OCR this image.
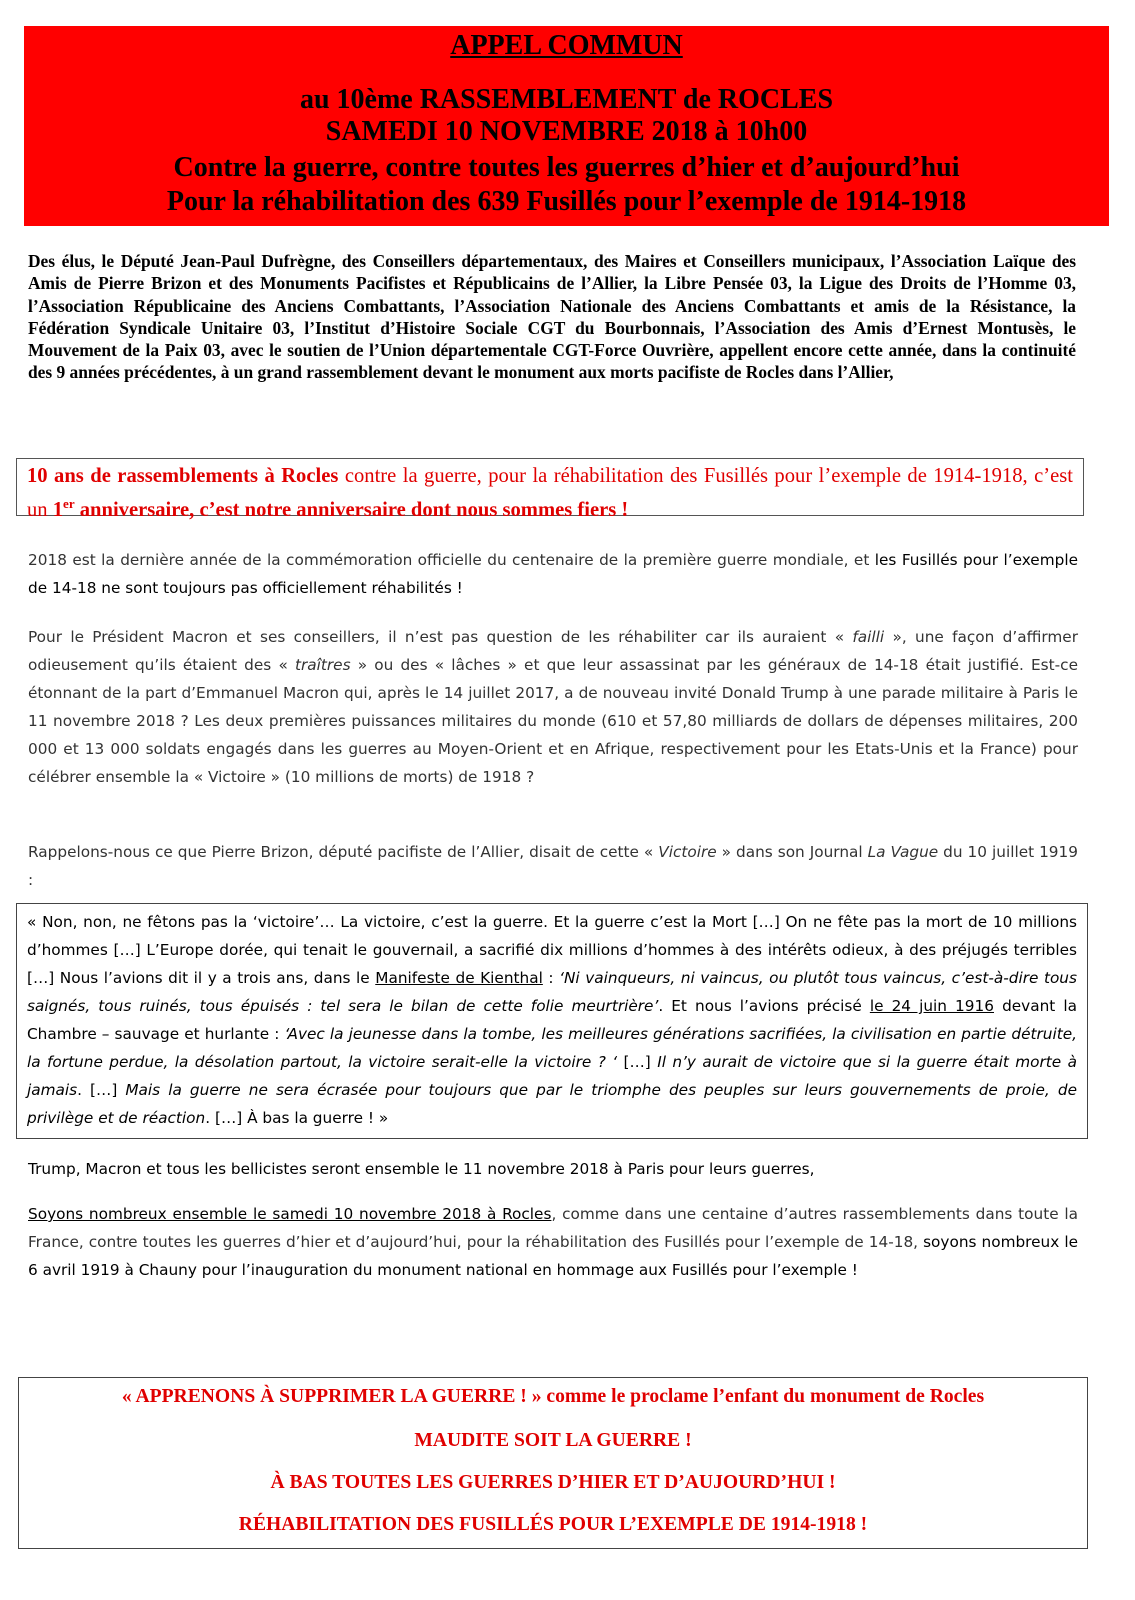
APPEL COMMUN
au 10ème RASSEMBLEMENT de ROCLES
SAMEDI 10 NOVEMBRE 2018 à 10h00
Contre la guerre, contre toutes les guerres d’hier et d’aujourd’hui
Pour la réhabilitation des 639 Fusillés pour l’exemple de 1914-1918
Des élus, le Député Jean-Paul Dufrègne, des Conseillers départementaux, des Maires et Conseillers municipaux, l’Association Laïque des Amis de Pierre Brizon et des Monuments Pacifistes et Républicains de l’Allier, la Libre Pensée 03, la Ligue des Droits de l’Homme 03, l’Association Républicaine des Anciens Combattants, l’Association Nationale des Anciens Combattants et amis de la Résistance, la Fédération Syndicale Unitaire 03, l’Institut d’Histoire Sociale CGT du Bourbonnais, l’Association des Amis d’Ernest Montusès, le Mouvement de la Paix 03, avec le soutien de l’Union départementale CGT-Force Ouvrière, appellent encore cette année, dans la continuité des 9 années précédentes, à un grand rassemblement devant le monument aux morts pacifiste de Rocles dans l’Allier,
10 ans de rassemblements à Rocles contre la guerre, pour la réhabilitation des Fusillés pour l’exemple de 1914-1918, c’est un 1er anniversaire, c’est notre anniversaire dont nous sommes fiers !
2018 est la dernière année de la commémoration officielle du centenaire de la première guerre mondiale, et les Fusillés pour l’exemple de 14-18 ne sont toujours pas officiellement réhabilités !
Pour le Président Macron et ses conseillers, il n’est pas question de les réhabiliter car ils auraient « failli », une façon d’affirmer odieusement qu’ils étaient des « traîtres » ou des « lâches » et que leur assassinat par les généraux de 14-18 était justifié. Est-ce étonnant de la part d’Emmanuel Macron qui, après le 14 juillet 2017, a de nouveau invité Donald Trump à une parade militaire à Paris le 11 novembre 2018 ? Les deux premières puissances militaires du monde (610 et 57,80 milliards de dollars de dépenses militaires, 200 000 et 13 000 soldats engagés dans les guerres au Moyen-Orient et en Afrique, respectivement pour les Etats-Unis et la France) pour célébrer ensemble la « Victoire » (10 millions de morts) de 1918 ?
Rappelons-nous ce que Pierre Brizon, député pacifiste de l’Allier, disait de cette « Victoire » dans son Journal La Vague du 10 juillet 1919 :
« Non, non, ne fêtons pas la ‘victoire’… La victoire, c’est la guerre. Et la guerre c’est la Mort […] On ne fête pas la mort de 10 millions d’hommes […] L’Europe dorée, qui tenait le gouvernail, a sacrifié dix millions d’hommes à des intérêts odieux, à des préjugés terribles […] Nous l’avions dit il y a trois ans, dans le Manifeste de Kienthal : ‘Ni vainqueurs, ni vaincus, ou plutôt tous vaincus, c’est-à-dire tous saignés, tous ruinés, tous épuisés : tel sera le bilan de cette folie meurtrière’. Et nous l’avions précisé le 24 juin 1916 devant la Chambre – sauvage et hurlante : ‘Avec la jeunesse dans la tombe, les meilleures générations sacrifiées, la civilisation en partie détruite, la fortune perdue, la désolation partout, la victoire serait-elle la victoire ? ‘ […] Il n’y aurait de victoire que si la guerre était morte à jamais. […] Mais la guerre ne sera écrasée pour toujours que par le triomphe des peuples sur leurs gouvernements de proie, de privilège et de réaction. […] À bas la guerre ! »
Trump, Macron et tous les bellicistes seront ensemble le 11 novembre 2018 à Paris pour leurs guerres,
Soyons nombreux ensemble le samedi 10 novembre 2018 à Rocles, comme dans une centaine d’autres rassemblements dans toute la France, contre toutes les guerres d’hier et d’aujourd’hui, pour la réhabilitation des Fusillés pour l’exemple de 14-18, soyons nombreux le 6 avril 1919 à Chauny pour l’inauguration du monument national en hommage aux Fusillés pour l’exemple !
« APPRENONS À SUPPRIMER LA GUERRE ! » comme le proclame l’enfant du monument de Rocles
MAUDITE SOIT LA GUERRE !
À BAS TOUTES LES GUERRES D’HIER ET D’AUJOURD’HUI !
RÉHABILITATION DES FUSILLÉS POUR L’EXEMPLE DE 1914-1918 !
